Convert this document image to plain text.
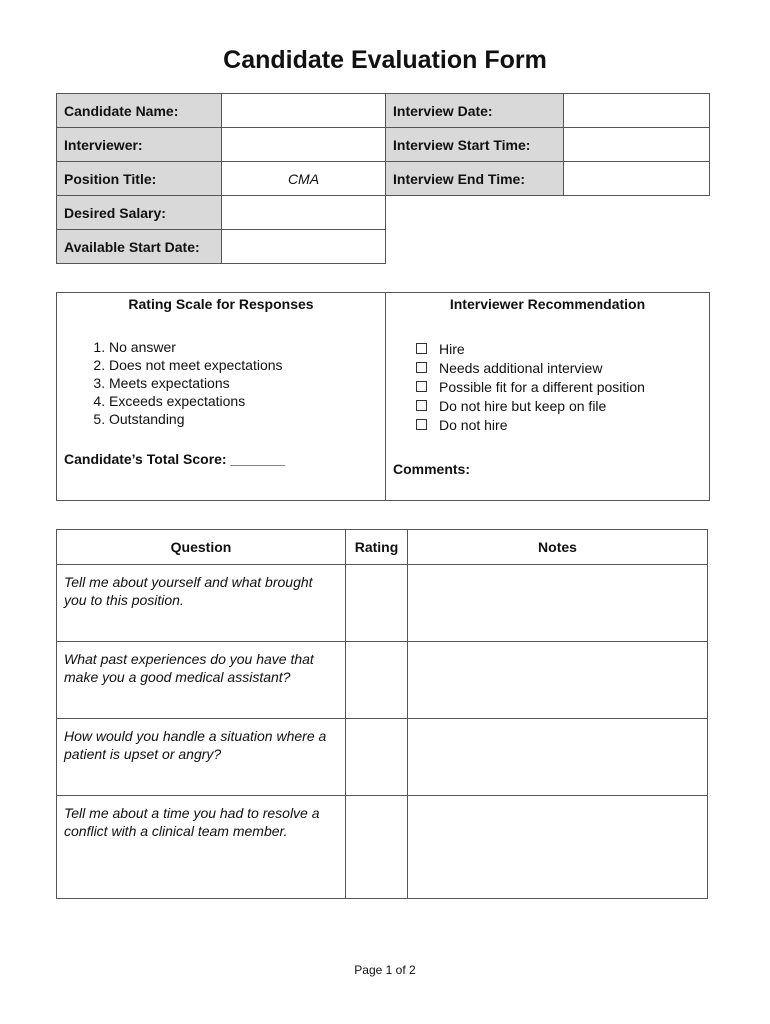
Candidate Evaluation Form
Candidate Name:		Interview Date:	
Interviewer:		Interview Start Time:	
Position Title:	CMA	Interview End Time:	
Desired Salary:			
Available Start Date:			
Rating Scale for Responses
1. No answer
2. Does not meet expectations
3. Meets expectations
4. Exceeds expectations
5. Outstanding
Candidate’s Total Score: _______

Interviewer Recommendation
Hire
Needs additional interview
Possible fit for a different position
Do not hire but keep on file
Do not hire
Comments:
Question	Rating	Notes
Tell me about yourself and what brought you to this position.		
What past experiences do you have that make you a good medical assistant?		
How would you handle a situation where a patient is upset or angry?		
Tell me about a time you had to resolve a conflict with a clinical team member.		
Page 1 of 2
